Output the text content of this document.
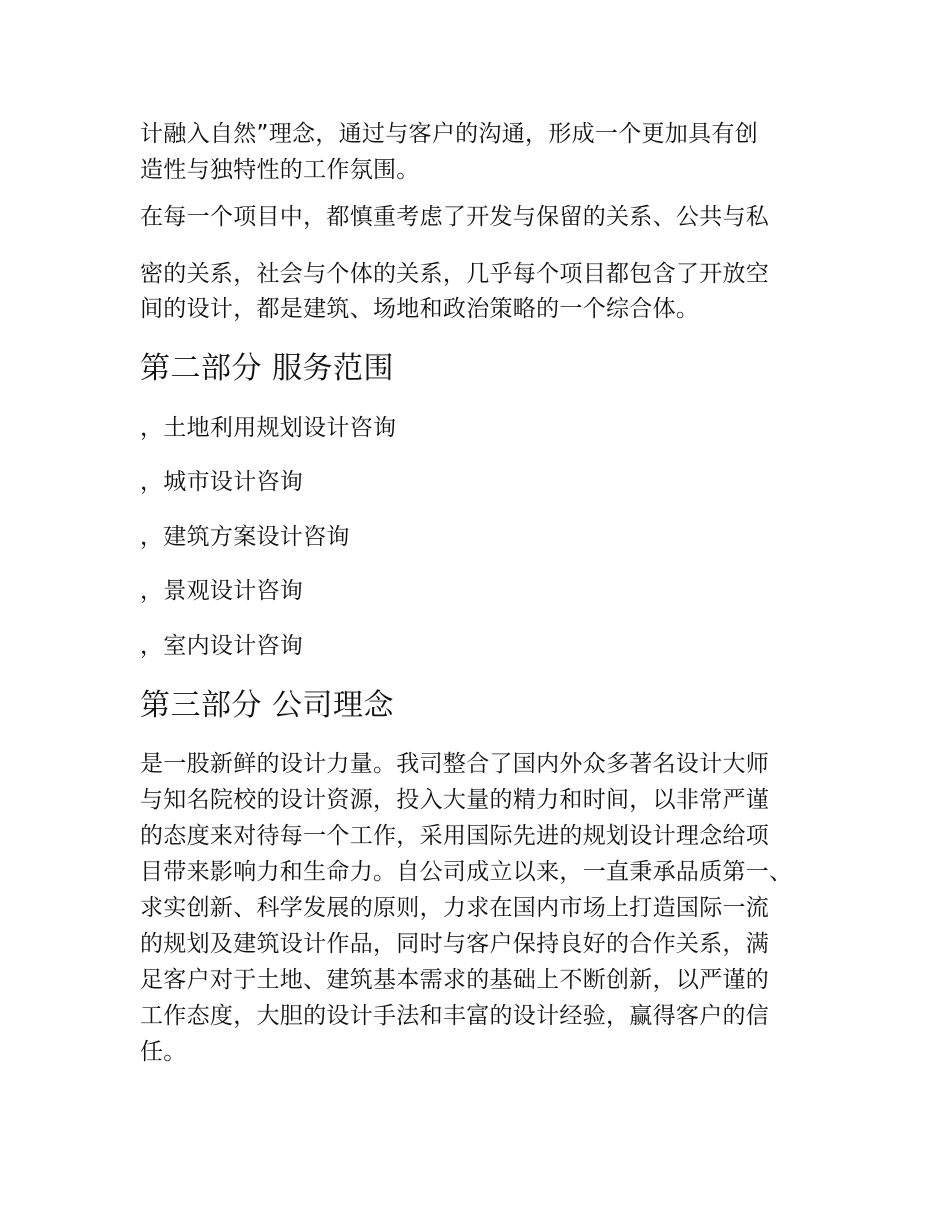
计融入自然”理念，通过与客户的沟通，形成一个更加具有创
造性与独特性的工作氛围。
在每一个项目中，都慎重考虑了开发与保留的关系、公共与私
密的关系，社会与个体的关系，几乎每个项目都包含了开放空
间的设计，都是建筑、场地和政治策略的一个综合体。
第二部分 服务范围
，土地利用规划设计咨询
，城市设计咨询
，建筑方案设计咨询
，景观设计咨询
，室内设计咨询
第三部分 公司理念
是一股新鲜的设计力量。我司整合了国内外众多著名设计大师
与知名院校的设计资源，投入大量的精力和时间，以非常严谨
的态度来对待每一个工作，采用国际先进的规划设计理念给项
目带来影响力和生命力。自公司成立以来，一直秉承品质第一、
求实创新、科学发展的原则，力求在国内市场上打造国际一流
的规划及建筑设计作品，同时与客户保持良好的合作关系，满
足客户对于土地、建筑基本需求的基础上不断创新，以严谨的
工作态度，大胆的设计手法和丰富的设计经验，赢得客户的信
任。
